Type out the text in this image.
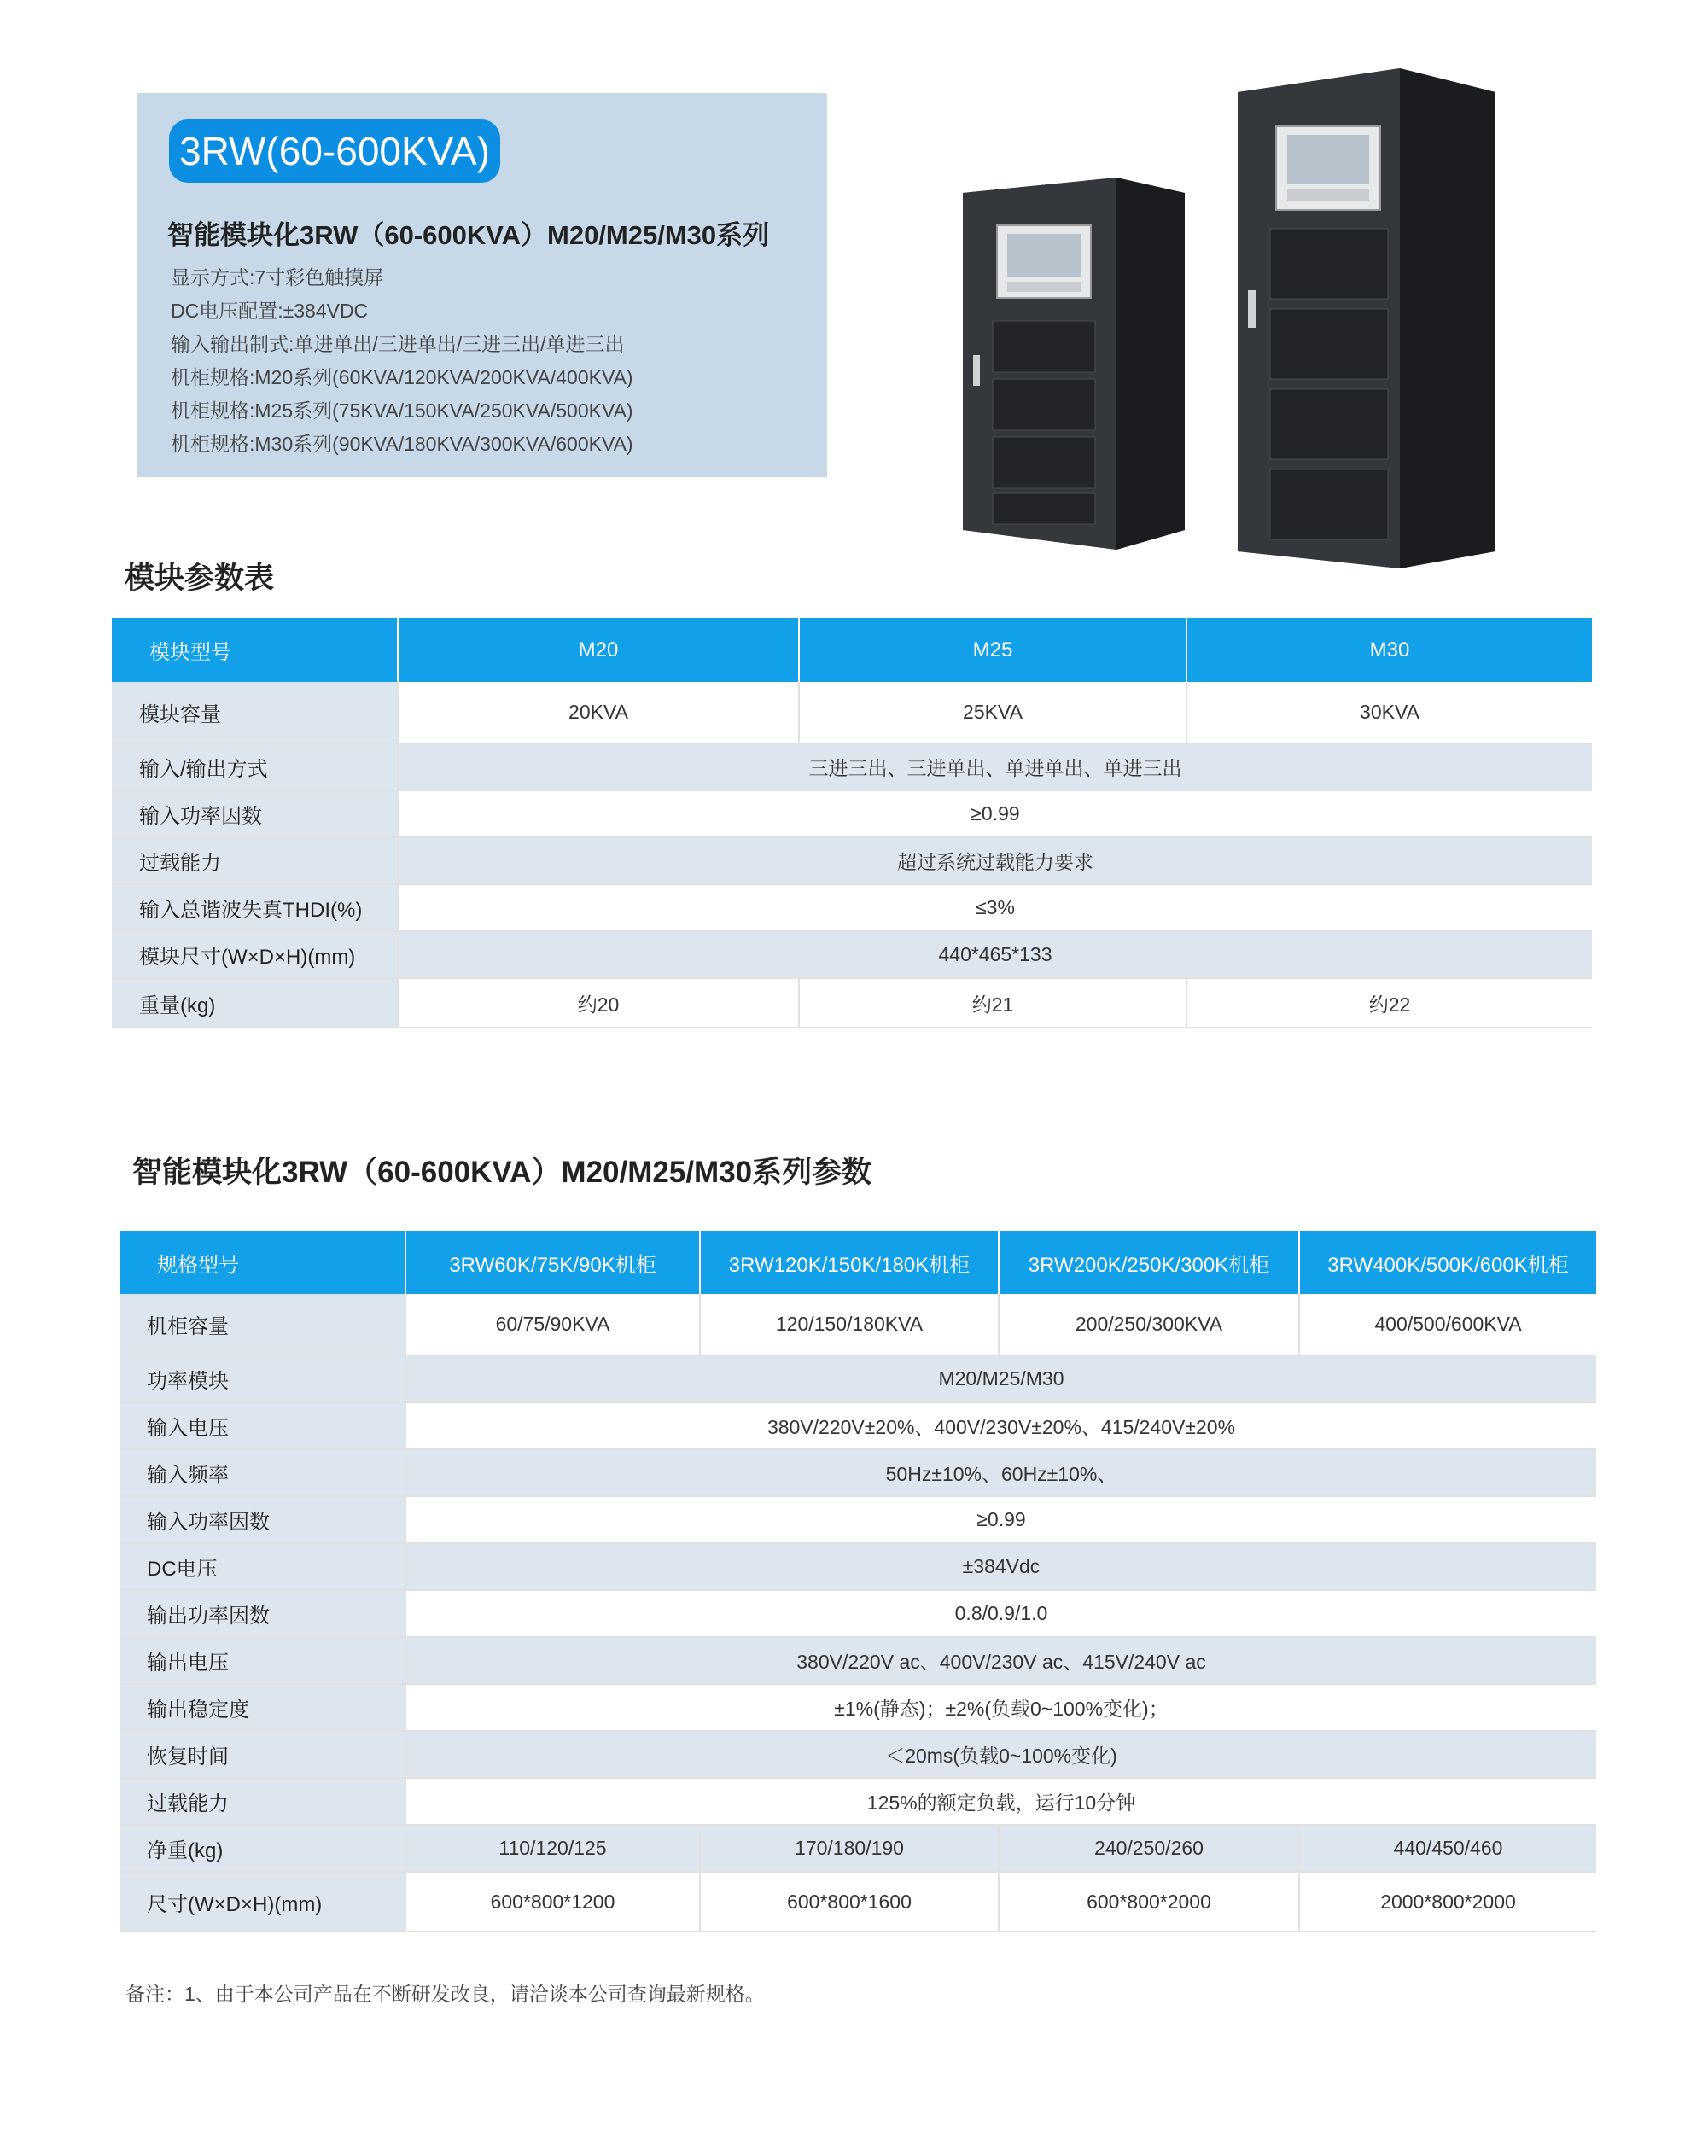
3RW(60-600KVA)
智能模块化3RW（60-600KVA）M20/M25/M30系列
显示方式:7寸彩色触摸屏
DC电压配置:±384VDC
输入输出制式:单进单出/三进单出/三进三出/单进三出
机柜规格:M20系列(60KVA/120KVA/200KVA/400KVA)
机柜规格:M25系列(75KVA/150KVA/250KVA/500KVA)
机柜规格:M30系列(90KVA/180KVA/300KVA/600KVA)
模块参数表
模块型号	M20	M25	M30
模块容量	20KVA	25KVA	30KVA
输入/输出方式	三进三出、三进单出、单进单出、单进三出		
输入功率因数	≥0.99		
过载能力	超过系统过载能力要求		
输入总谐波失真THDI(%)	≤3%		
模块尺寸(W×D×H)(mm)	440*465*133		
重量(kg)	约20	约21	约22
智能模块化3RW（60-600KVA）M20/M25/M30系列参数
规格型号	3RW60K/75K/90K机柜	3RW120K/150K/180K机柜	3RW200K/250K/300K机柜	3RW400K/500K/600K机柜
机柜容量	60/75/90KVA	120/150/180KVA	200/250/300KVA	400/500/600KVA
功率模块	M20/M25/M30			
输入电压	380V/220V±20%、400V/230V±20%、415/240V±20%			
输入频率	50Hz±10%、60Hz±10%、			
输入功率因数	≥0.99			
DC电压	±384Vdc			
输出功率因数	0.8/0.9/1.0			
输出电压	380V/220V ac、400V/230V ac、415V/240V ac			
输出稳定度	±1%(静态)；±2%(负载0~100%变化)；			
恢复时间	＜20ms(负载0~100%变化)			
过载能力	125%的额定负载，运行10分钟			
净重(kg)	110/120/125	170/180/190	240/250/260	440/450/460
尺寸(W×D×H)(mm)	600*800*1200	600*800*1600	600*800*2000	2000*800*2000
备注：1、由于本公司产品在不断研发改良，请洽谈本公司查询最新规格。
